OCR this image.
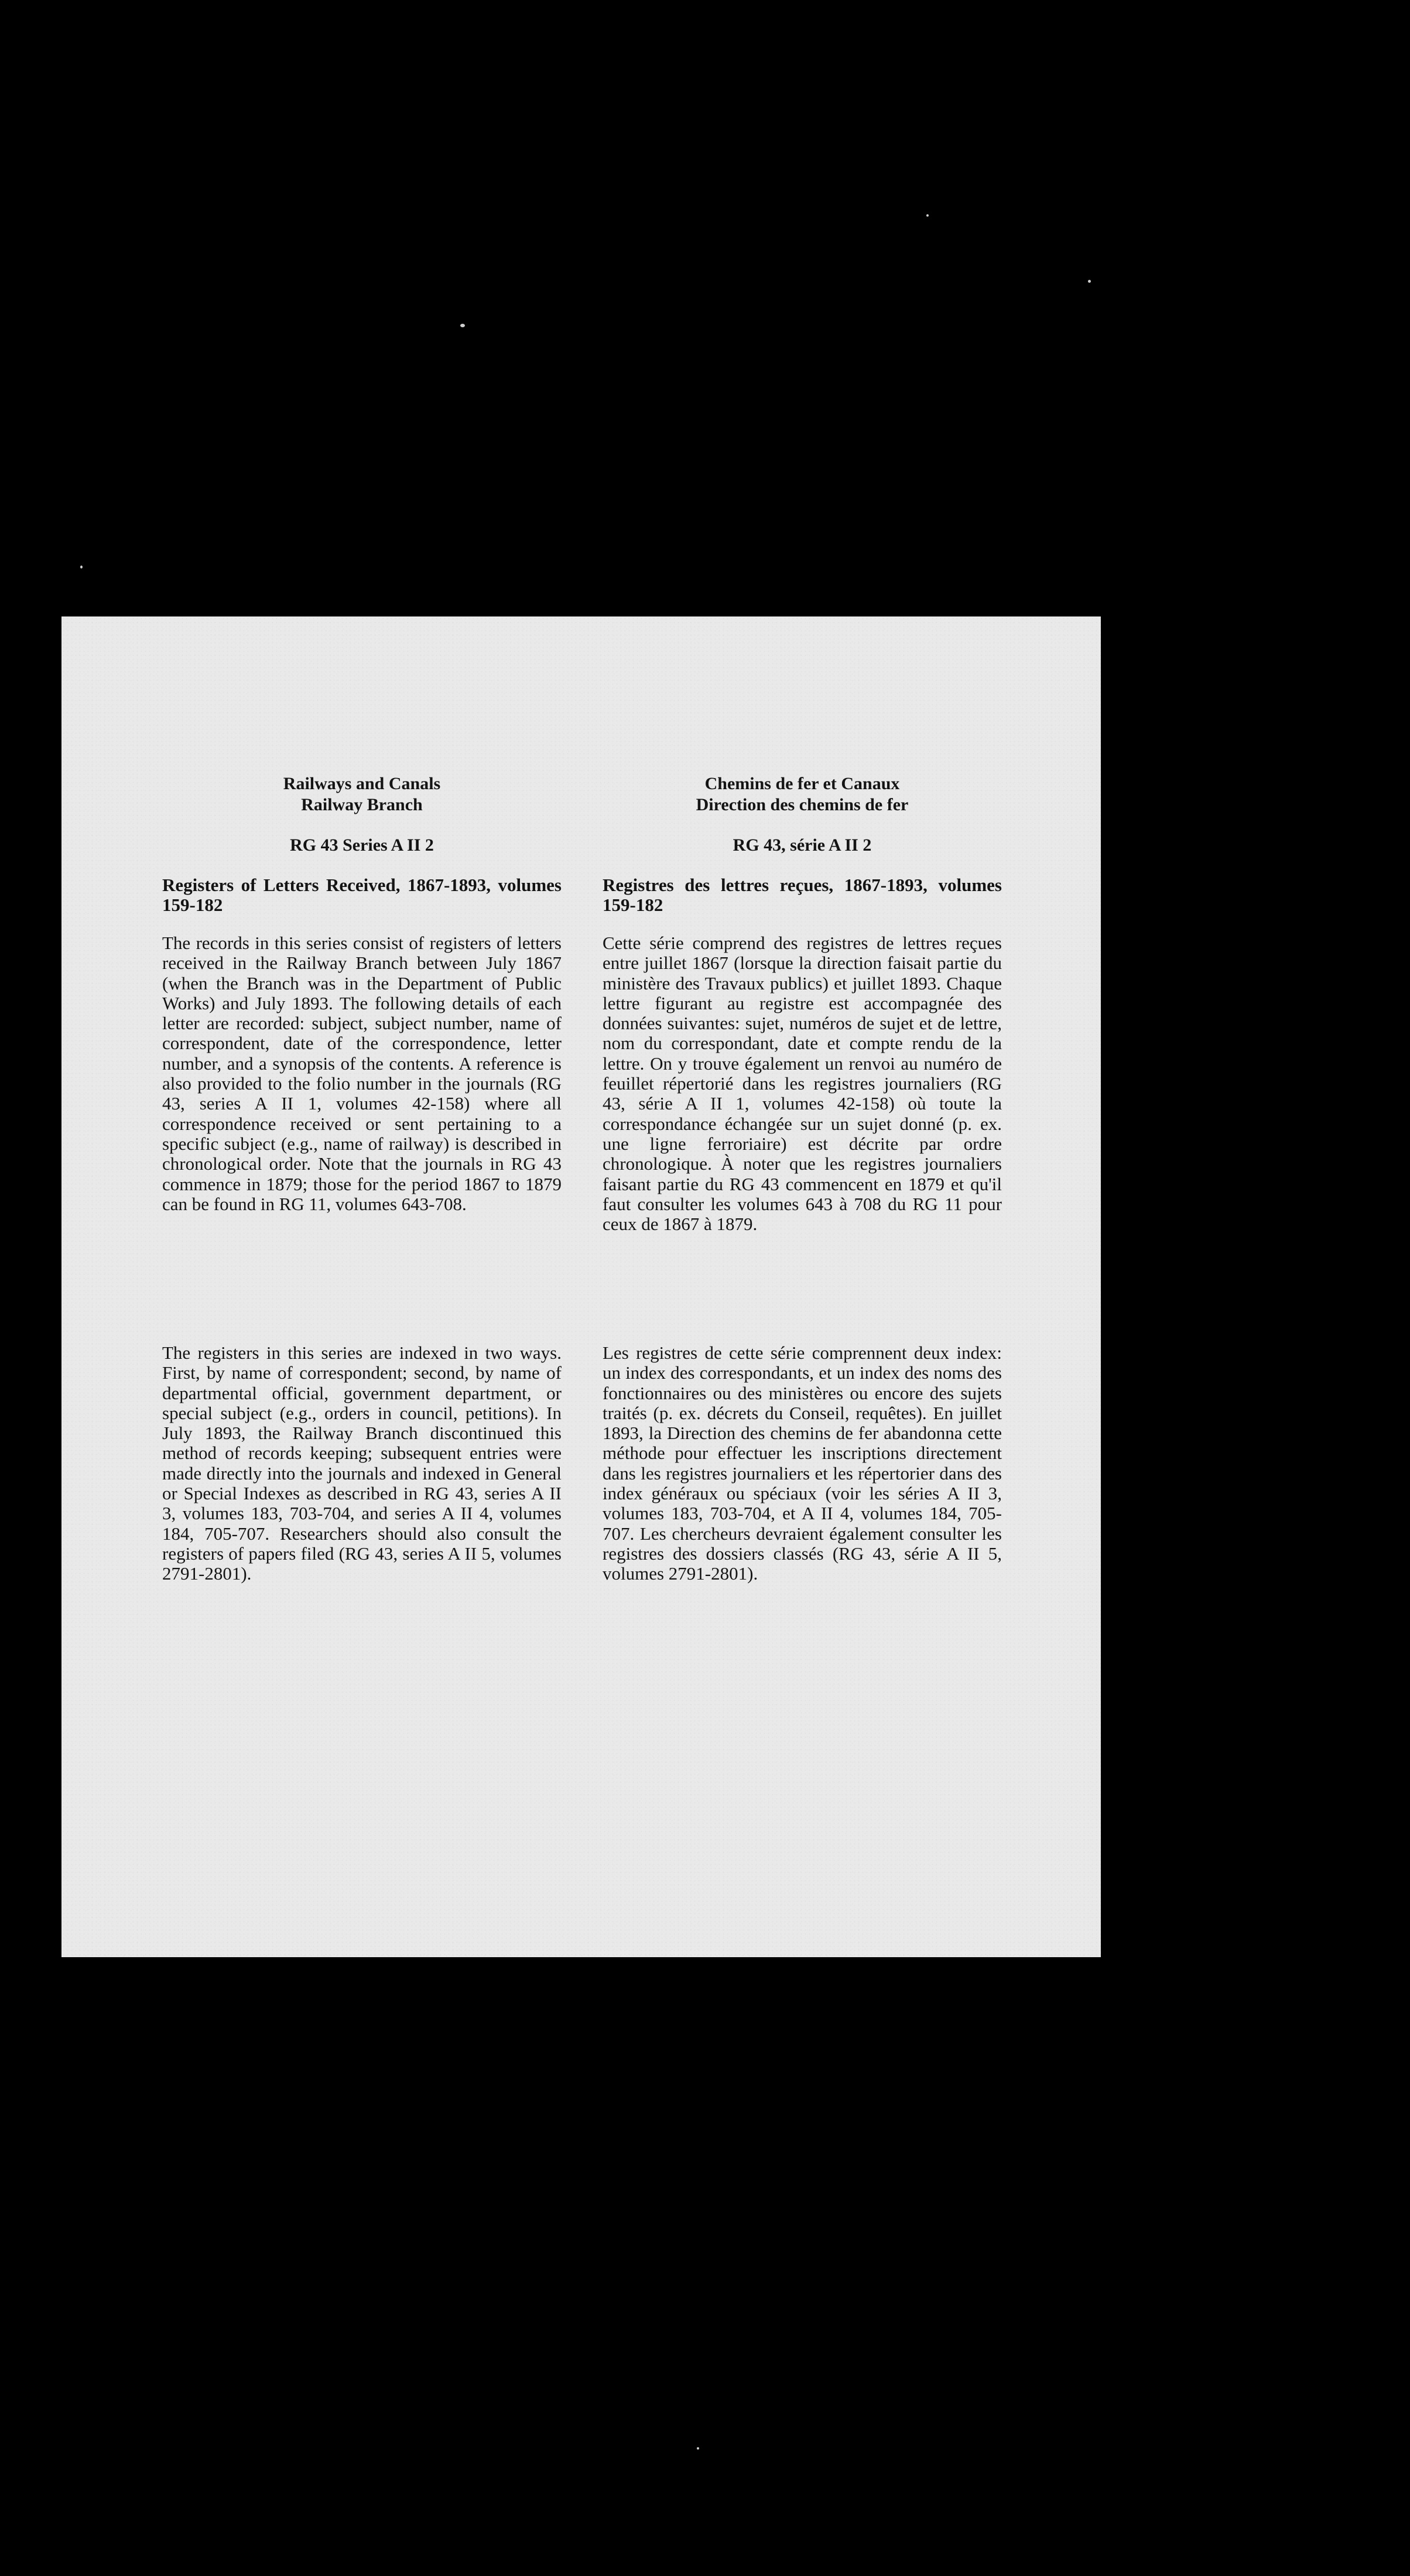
Railways and Canals

Railway Branch

RG 43 Series A II 2

Registers of Letters Received, 1867-1893, volumes 159-182

The records in this series consist of registers of letters received in the Railway Branch between July 1867 (when the Branch was in the Department of Public Works) and July 1893. The following details of each letter are recorded: subject, subject number, name of correspondent, date of the correspondence, letter number, and a synopsis of the contents. A reference is also provided to the folio number in the journals (RG 43, series A II 1, volumes 42-158) where all correspondence received or sent pertaining to a specific subject (e.g., name of railway) is described in chronological order. Note that the journals in RG 43 commence in 1879; those for the period 1867 to 1879 can be found in RG 11, volumes 643-708.

The registers in this series are indexed in two ways. First, by name of correspondent; second, by name of departmental official, government department, or special subject (e.g., orders in council, petitions). In July 1893, the Railway Branch discontinued this method of records keeping; subsequent entries were made directly into the journals and indexed in General or Special Indexes as described in RG 43, series A II 3, volumes 183, 703-704, and series A II 4, volumes 184, 705-707. Researchers should also consult the registers of papers filed (RG 43, series A II 5, volumes 2791-2801).

Chemins de fer et Canaux

Direction des chemins de fer

RG 43, série A II 2

Registres des lettres reçues, 1867-1893, volumes 159-182

Cette série comprend des registres de lettres reçues entre juillet 1867 (lorsque la direction faisait partie du ministère des Travaux publics) et juillet 1893. Chaque lettre figurant au registre est accompagnée des données suivantes: sujet, numéros de sujet et de lettre, nom du correspondant, date et compte rendu de la lettre. On y trouve également un renvoi au numéro de feuillet répertorié dans les registres journaliers (RG 43, série A II 1, volumes 42-158) où toute la correspondance échangée sur un sujet donné (p. ex. une ligne ferroriaire) est décrite par ordre chronologique. À noter que les registres journaliers faisant partie du RG 43 commencent en 1879 et qu'il faut consulter les volumes 643 à 708 du RG 11 pour ceux de 1867 à 1879.

Les registres de cette série comprennent deux index: un index des correspondants, et un index des noms des fonctionnaires ou des ministères ou encore des sujets traités (p. ex. décrets du Conseil, requêtes). En juillet 1893, la Direction des chemins de fer abandonna cette méthode pour effectuer les inscriptions directement dans les registres journaliers et les répertorier dans des index généraux ou spéciaux (voir les séries A II 3, volumes 183, 703-704, et A II 4, volumes 184, 705-707. Les chercheurs devraient également consulter les registres des dossiers classés (RG 43, série A II 5, volumes 2791-2801).
